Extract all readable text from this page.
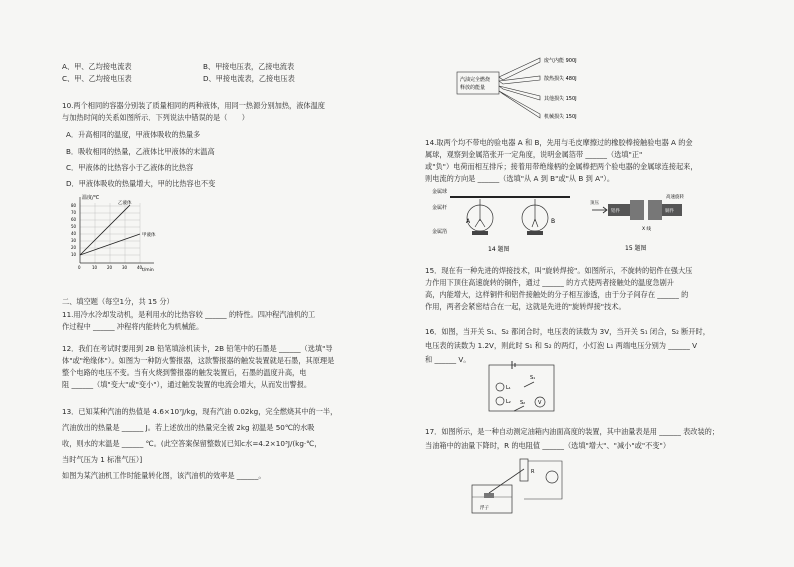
A、甲、乙均接电流表	B、甲接电压表，乙接电流表
C、甲、乙均接电压表	D、甲接电流表，乙接电压表
10.两个相同的容器分别装了质量相同的两种液体，用同一热源分别加热，液体温度
与加热时间的关系如图所示．下列说法中错误的是（　　）
A．升高相同的温度，甲液体吸收的热量多
B．吸收相同的热量，乙液体比甲液体的末温高
C．甲液体的比热容小于乙液体的比热容
D．甲液体吸收的热量增大，甲的比热容也不变
温度/℃
t/min
乙液体
甲液体
80
70
60
50
40
30
20
10
0	10 20 30 40
二、填空题（每空1分，共 15 分）
11.用冷水冷却发动机，是利用水的比热容较 ______ 的特性。四冲程汽油机的工
作过程中 ______ 冲程将内能转化为机械能。
12．我们在考试时要用到 2B 铅笔填涂机读卡，2B 铅笔中的石墨是 ______（选填"导
体"或"绝缘体"）。如图为一种防火警报器，这款警报器的触发装置就是石墨，其原理是
整个电路的电压不变。当有火烧到警报器的触发装置后，石墨的温度升高，电
阻 ______（填"变大"或"变小"），通过触发装置的电流会增大，从而发出警报。
13．已知某种汽油的热值是 4.6×10⁷J/kg，现有汽油 0.02kg，完全燃烧其中的一半，
汽油放出的热量是 ______ J。若上述放出的热量完全被 2kg 初温是 50℃的水吸
收，则水的末温是 ______ ℃。(此空答案保留整数)[已知c水=4.2×10³J/(kg·℃，
当时气压为 1 标准气压）]
如图为某汽油机工作时能量转化图，该汽油机的效率是 ______。
汽油完全燃烧
释放的能量
废气内能 900J
散热损失 480J
其他损失 150J
机械损失 150J
14.取两个均不带电的验电器 A 和 B，先用与毛皮摩擦过的橡胶棒接触验电器 A 的金
属球，观察到金属箔张开一定角度，说明金属箔带 ______（选填"正"
或"负"）电荷而相互排斥；接着用带绝缘柄的金属棒把两个验电器的金属球连接起来，
则电流的方向是 ______（选填"从 A 到 B"或"从 B 到 A"）。
金属球
金属杆
金属箔
A	B
14 题图
顶压
铝件	铜件
高速旋转
X 线
15 题图
15．现在有一种先进的焊接技术，叫"旋转焊接"。如图所示，不旋转的铝件在强大压
力作用下顶住高速旋转的铜件，通过 ______ 的方式使两者接触处的温度急剧升
高，内能增大，这样铜件和铝件接触处的分子相互渗透，由于分子间存在 ______ 的
作用，两者会紧密结合在一起，这就是先进的"旋转焊接"技术。
16．如图，当开关 S₁、S₂ 都闭合时，电压表的读数为 3V，当开关 S₁ 闭合，S₂ 断开时，
电压表的读数为 1.2V，则此时 S₁ 和 S₂ 的两灯，小灯泡 L₁ 两端电压分别为 ______ V
和 ______ V。
L₁
L₂
S₁
S₂	V
17．如图所示，是一种自动测定油箱内油面高度的装置，其中油量表是用 ______ 表改装的；
当油箱中的油量下降时，R 的电阻值 ______（选填"增大"、"减小"或"不变"）
R
浮子
